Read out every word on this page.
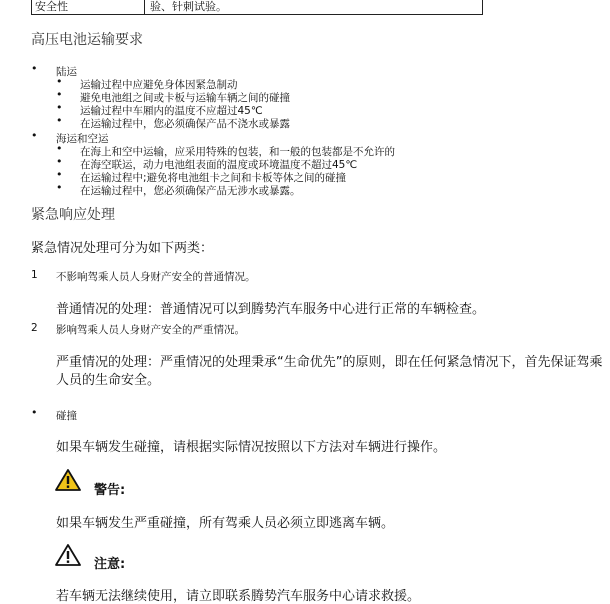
安全性	验、针刺试验。
高压电池运输要求
• 陆运
• 运输过程中应避免身体因紧急制动
• 避免电池组之间或卡板与运输车辆之间的碰撞
• 运输过程中车厢内的温度不应超过45℃
• 在运输过程中，您必须确保产品不浇水或暴露
• 海运和空运
• 在海上和空中运输，应采用特殊的包装，和一般的包装都是不允许的
• 在海空联运，动力电池组表面的温度或环境温度不超过45℃
• 在运输过程中;避免将电池组卡之间和卡板等体之间的碰撞
• 在运输过程中，您必须确保产品无涉水或暴露。
紧急响应处理
紧急情况处理可分为如下两类：
1 不影响驾乘人员人身财产安全的普通情况。
普通情况的处理：普通情况可以到腾势汽车服务中心进行正常的车辆检查。
2 影响驾乘人员人身财产安全的严重情况。
严重情况的处理：严重情况的处理秉承“生命优先”的原则，即在任何紧急情况下，首先保证驾乘
人员的生命安全。
• 碰撞
如果车辆发生碰撞，请根据实际情况按照以下方法对车辆进行操作。
警告:
如果车辆发生严重碰撞，所有驾乘人员必须立即逃离车辆。
注意:
若车辆无法继续使用，请立即联系腾势汽车服务中心请求救援。
